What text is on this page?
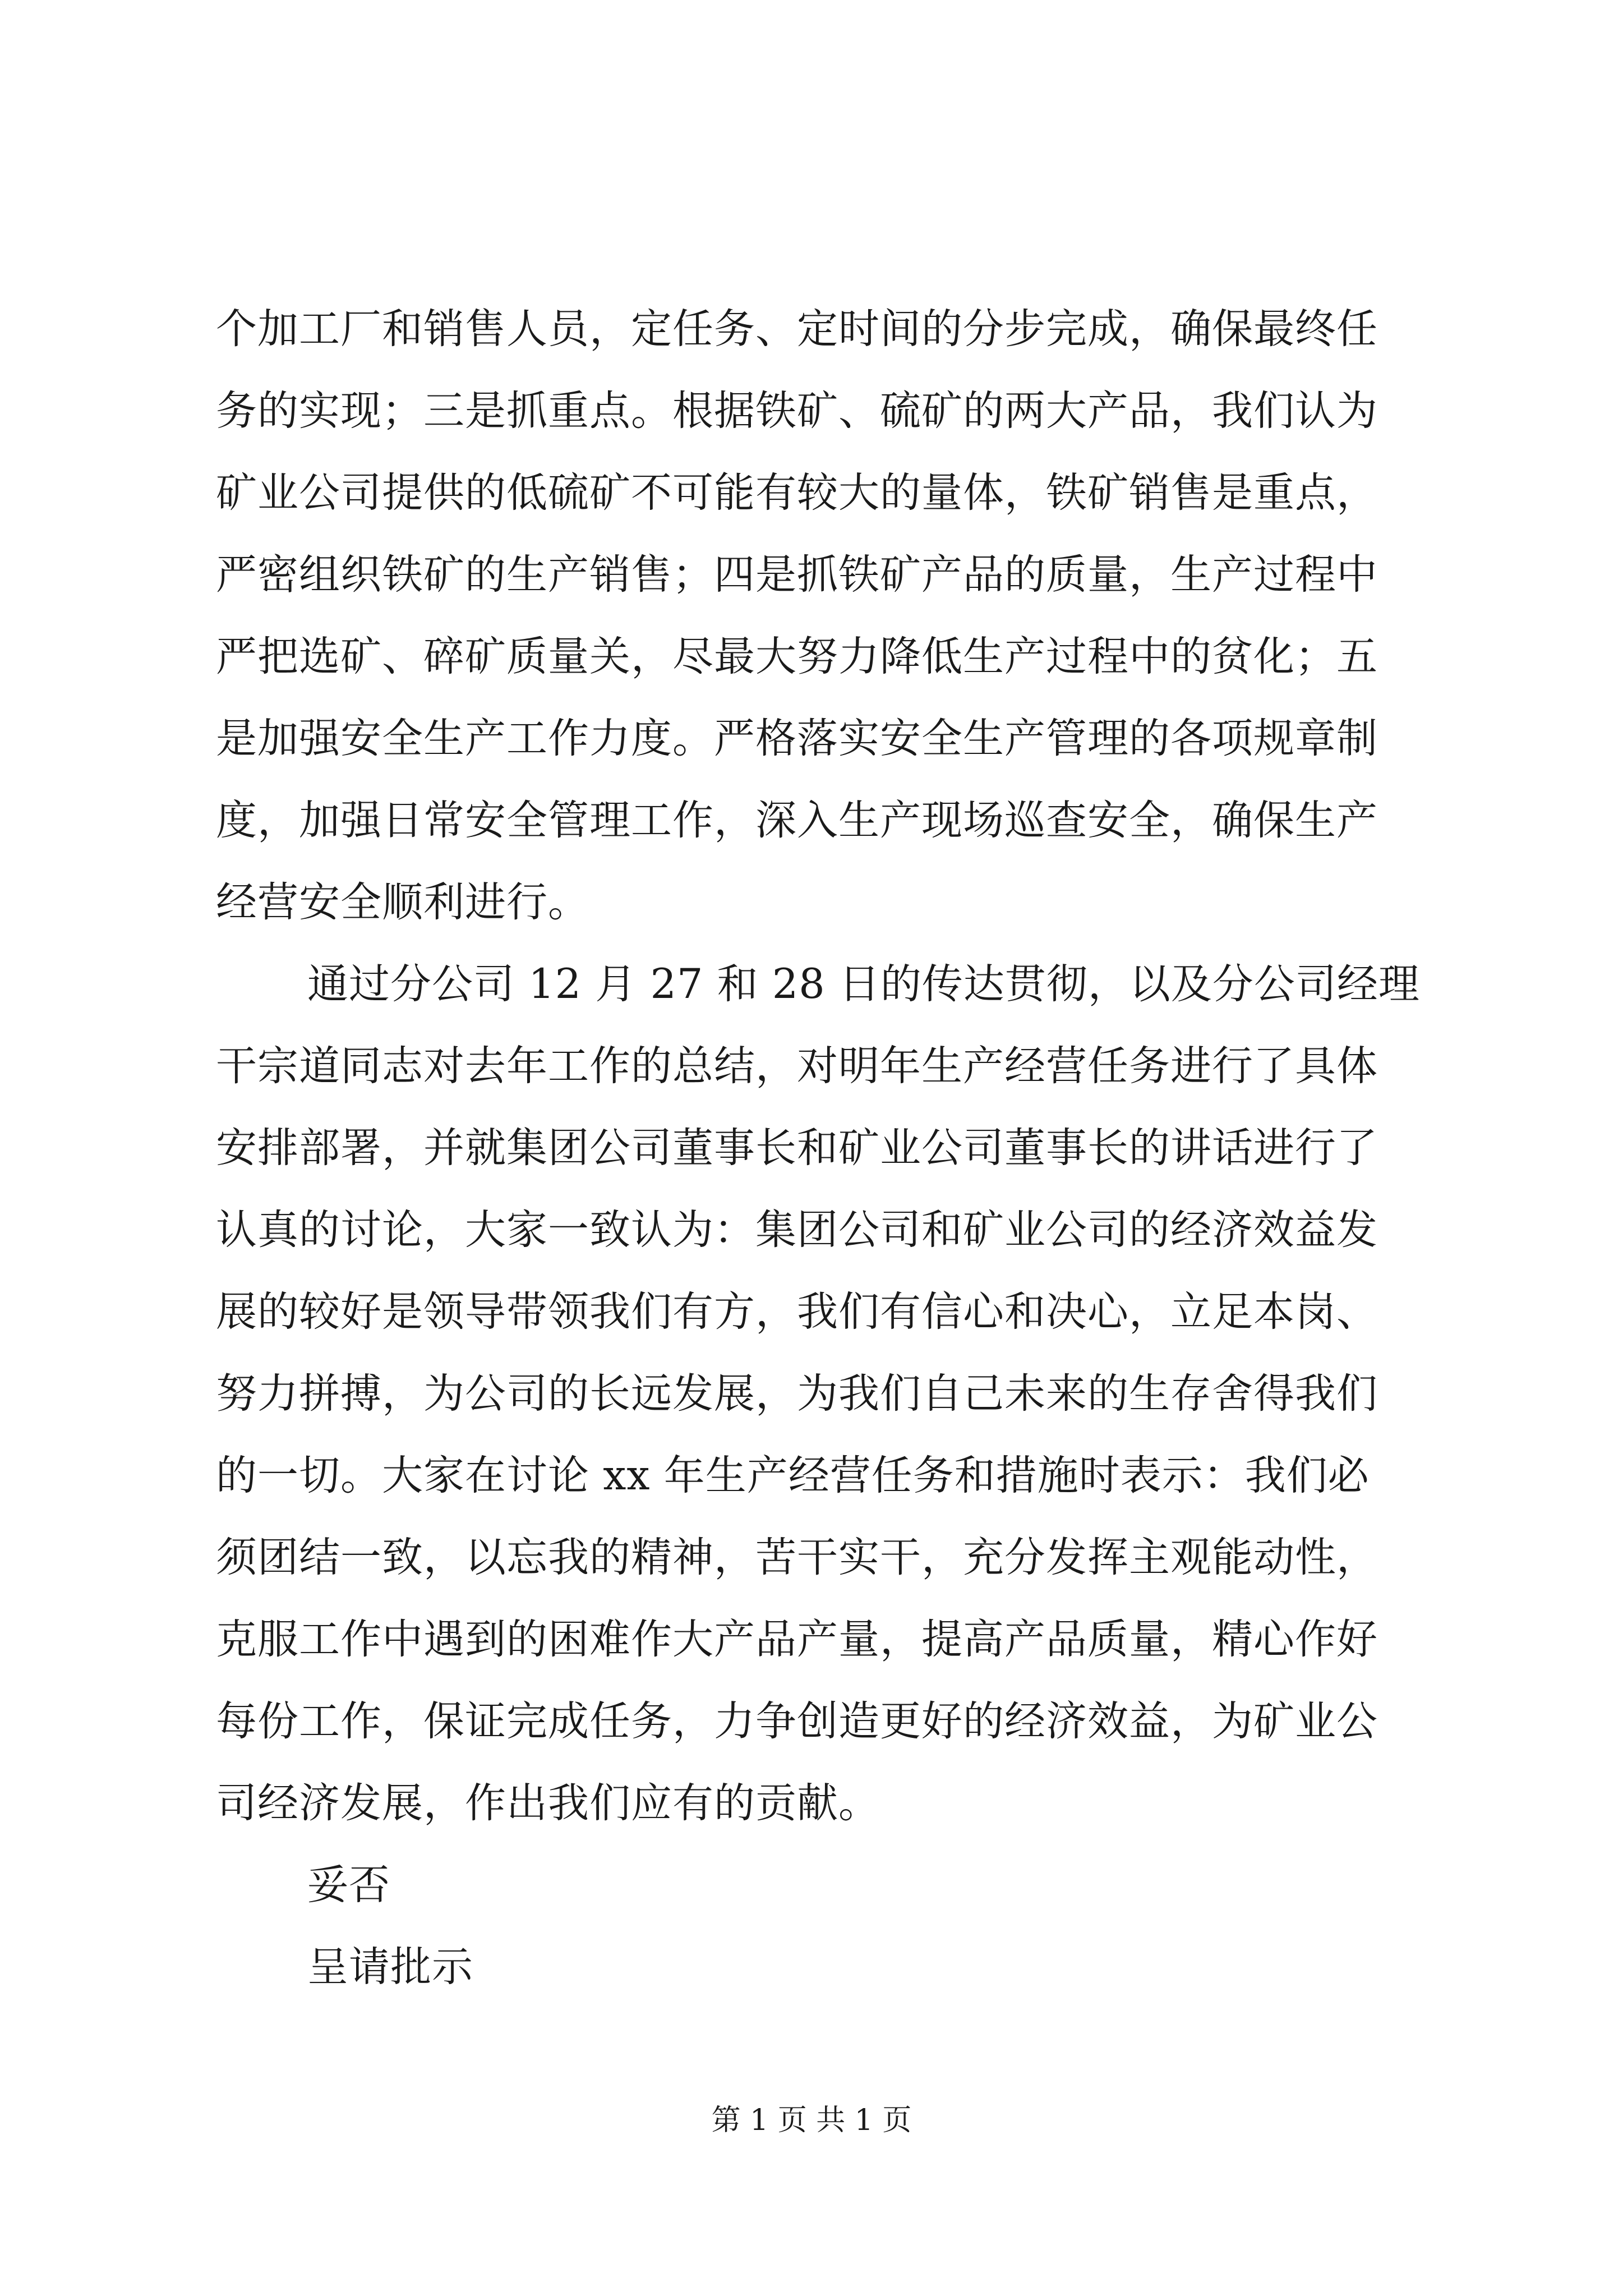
个加工厂和销售人员，定任务、定时间的分步完成，确保最终任
务的实现；三是抓重点。根据铁矿、硫矿的两大产品，我们认为
矿业公司提供的低硫矿不可能有较大的量体，铁矿销售是重点，
严密组织铁矿的生产销售；四是抓铁矿产品的质量，生产过程中
严把选矿、碎矿质量关，尽最大努力降低生产过程中的贫化；五
是加强安全生产工作力度。严格落实安全生产管理的各项规章制
度，加强日常安全管理工作，深入生产现场巡查安全，确保生产
经营安全顺利进行。
通过分公司 12 月 27 和 28 日的传达贯彻，以及分公司经理
干宗道同志对去年工作的总结，对明年生产经营任务进行了具体
安排部署，并就集团公司董事长和矿业公司董事长的讲话进行了
认真的讨论，大家一致认为：集团公司和矿业公司的经济效益发
展的较好是领导带领我们有方，我们有信心和决心，立足本岗、
努力拼搏，为公司的长远发展，为我们自己未来的生存舍得我们
的一切。大家在讨论 xx 年生产经营任务和措施时表示：我们必
须团结一致，以忘我的精神，苦干实干，充分发挥主观能动性，
克服工作中遇到的困难作大产品产量，提高产品质量，精心作好
每份工作，保证完成任务，力争创造更好的经济效益，为矿业公
司经济发展，作出我们应有的贡献。
妥否
呈请批示
第 1 页 共 1 页
